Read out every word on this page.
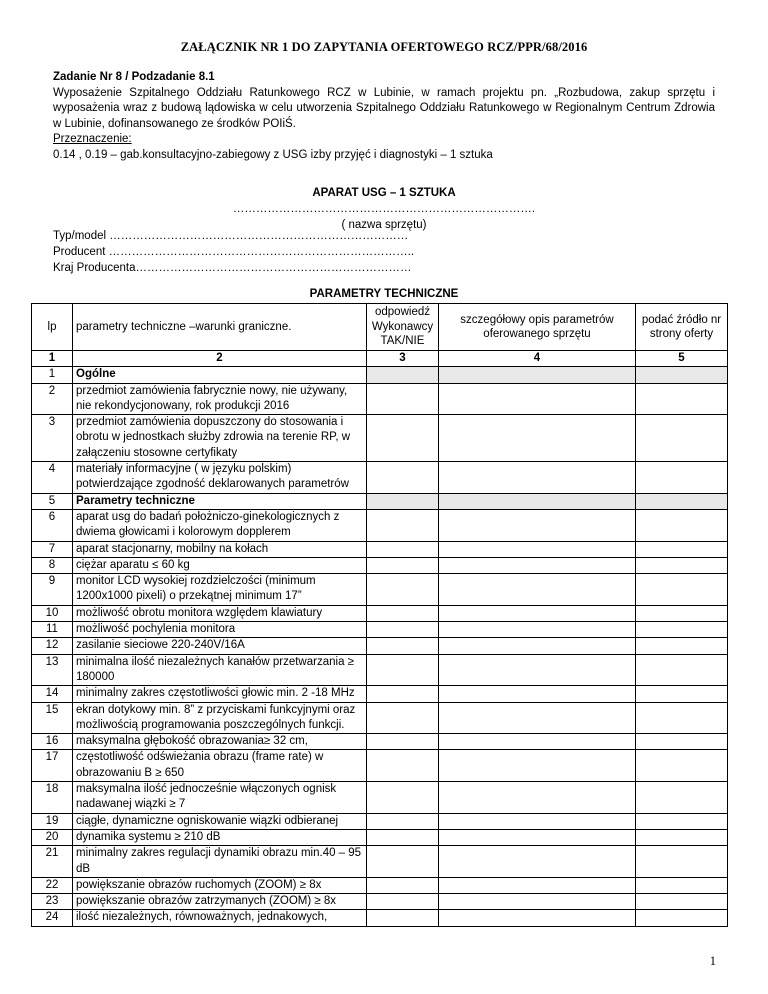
ZAŁĄCZNIK NR 1 DO ZAPYTANIA OFERTOWEGO RCZ/PPR/68/2016
Zadanie Nr 8 / Podzadanie 8.1
Wyposażenie Szpitalnego Oddziału Ratunkowego RCZ w Lubinie, w ramach projektu pn. „Rozbudowa, zakup sprzętu i wyposażenia wraz z budową lądowiska w celu utworzenia Szpitalnego Oddziału Ratunkowego w Regionalnym Centrum Zdrowia w Lubinie, dofinansowanego ze środków POIiŚ.
Przeznaczenie:
0.14 , 0.19 – gab.konsultacyjno-zabiegowy z USG izby przyjęć i diagnostyki – 1 sztuka
APARAT USG – 1 SZTUKA
…………………………………………………………………….
( nazwa sprzętu)
Typ/model ……………………………………………………………………
Producent ……………………………………………………………………..
Kraj Producenta………………………………………………………………
PARAMETRY TECHNICZNE
lp	parametry techniczne –warunki graniczne.	odpowiedź Wykonawcy TAK/NIE	szczegółowy opis parametrów oferowanego sprzętu	podać źródło nr strony oferty
1	2	3	4	5
1	Ogólne			
2	przedmiot zamówienia fabrycznie nowy, nie używany, nie rekondycjonowany, rok produkcji 2016			
3	przedmiot zamówienia dopuszczony do stosowania i obrotu w jednostkach służby zdrowia na terenie RP, w załączeniu stosowne certyfikaty			
4	materiały informacyjne ( w języku polskim) potwierdzające zgodność deklarowanych parametrów			
5	Parametry techniczne			
6	aparat usg do badań położniczo-ginekologicznych z dwiema głowicami i kolorowym dopplerem			
7	aparat stacjonarny, mobilny na kołach			
8	ciężar aparatu ≤ 60 kg			
9	monitor LCD wysokiej rozdzielczości (minimum 1200x1000 pixeli) o przekątnej minimum 17”			
10	możliwość obrotu monitora względem klawiatury			
11	możliwość pochylenia monitora			
12	zasilanie sieciowe 220-240V/16A			
13	minimalna ilość niezależnych kanałów przetwarzania ≥ 180000			
14	minimalny zakres częstotliwości głowic min. 2 -18 MHz			
15	ekran dotykowy min. 8” z przyciskami funkcyjnymi oraz możliwością programowania poszczególnych funkcji.			
16	maksymalna głębokość obrazowania≥ 32 cm,			
17	częstotliwość odświeżania obrazu (frame rate) w obrazowaniu B ≥ 650			
18	maksymalna ilość jednocześnie włączonych ognisk nadawanej wiązki ≥ 7			
19	ciągłe, dynamiczne ogniskowanie wiązki odbieranej			
20	dynamika systemu ≥ 210 dB			
21	minimalny zakres regulacji dynamiki obrazu min.40 – 95 dB			
22	powiększanie obrazów ruchomych (ZOOM) ≥ 8x			
23	powiększanie obrazów zatrzymanych (ZOOM) ≥ 8x			
24	ilość niezależnych, równoważnych, jednakowych,			
1
